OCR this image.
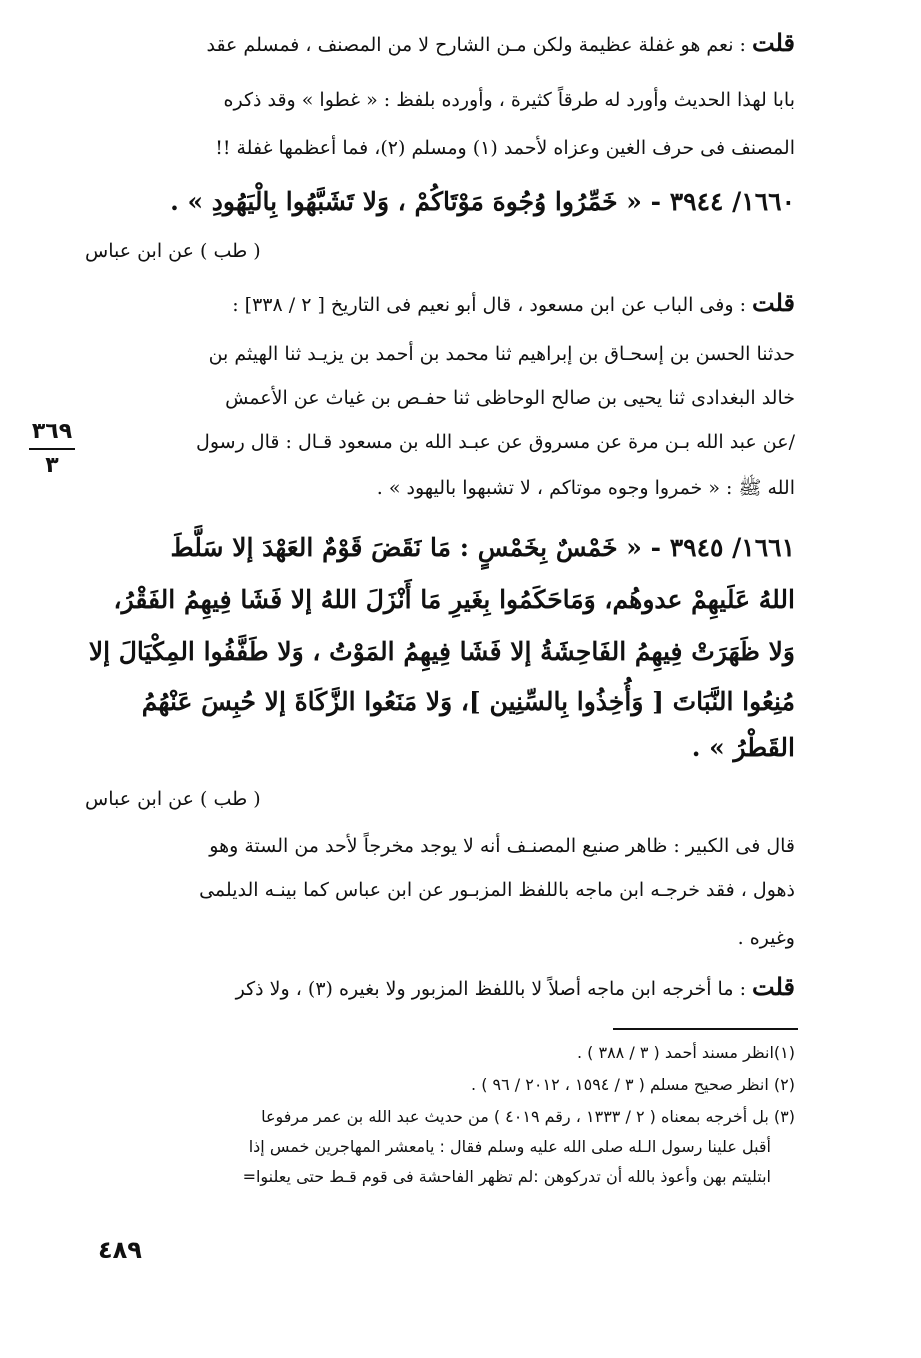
قلت : نعم هو غفلة عظيمة ولكن مـن الشارح لا من المصنف ، فمسلم عقد
بابا لهذا الحديث وأورد له طرقاً كثيرة ، وأورده بلفظ : « غطوا » وقد ذكره
المصنف فى حرف الغين وعزاه لأحمد (١) ومسلم (٢)، فما أعظمها غفلة !!
١٦٦٠/ ٣٩٤٤ - « خَمِّرُوا وُجُوهَ مَوْتَاكُمْ ، وَلا تَشَبَّهُوا بِالْيَهُودِ » .
( طب ) عن ابن عباس
قلت : وفى الباب عن ابن مسعود ، قال أبو نعيم فى التاريخ [ ٢ / ٣٣٨] :
حدثنا الحسن بن إسحـاق بن إبراهيم ثنا محمد بن أحمد بن يزيـد ثنا الهيثم بن
خالد البغدادى ثنا يحيى بن صالح الوحاظى ثنا حفـص بن غياث عن الأعمش
/عن عبد الله بـن مرة عن مسروق عن عبـد الله بن مسعود قـال : قال رسول
الله ﷺ : « خمروا وجوه موتاكم ، لا تشبهوا باليهود » .
٣٦٩
٣
١٦٦١/ ٣٩٤٥ - « خَمْسٌ بِخَمْسٍ : مَا نَقَضَ قَوْمٌ العَهْدَ إلا سَلَّطَ
اللهُ عَلَيهِمْ عدوهُم، وَمَاحَكَمُوا بِغَيرِ مَا أَنْزَلَ اللهُ إلا فَشَا فِيهِمُ الفَقْرُ،
وَلا ظَهَرَتْ فِيهِمُ الفَاحِشَةُ إلا فَشَا فِيهِمُ المَوْتُ ، وَلا طَفَّفُوا المِكْيَالَ إلا
مُنِعُوا النَّبَاتَ [ وَأُخِذُوا بِالسِّنِين ]، وَلا مَنَعُوا الزَّكَاةَ إلا حُبِسَ عَنْهُمُ
القَطْرُ » .
( طب ) عن ابن عباس
قال فى الكبير : ظاهر صنيع المصنـف أنه لا يوجد مخرجاً لأحد من الستة وهو
ذهول ، فقد خرجـه ابن ماجه باللفظ المزبـور عن ابن عباس كما بينـه الديلمى
وغيره .
قلت : ما أخرجه ابن ماجه أصلاً لا باللفظ المزبور ولا بغيره (٣) ، ولا ذكر
(١)انظر مسند أحمد ( ٣ / ٣٨٨ ) .
(٢) انظر صحيح مسلم ( ٣ / ١٥٩٤ ، ٢٠١٢ / ٩٦ ) .
(٣) بل أخرجه بمعناه ( ٢ / ١٣٣٣ ، رقم ٤٠١٩ ) من حديث عبد الله بن عمر مرفوعا
أقبل علينا رسول الـله صلى الله عليه وسلم فقال : يامعشر المهاجرين خمس إذا
ابتليتم بهن وأعوذ بالله أن تدركوهن :لم تظهر الفاحشة فى قوم قـط حتى يعلنوا=
٤٨٩
